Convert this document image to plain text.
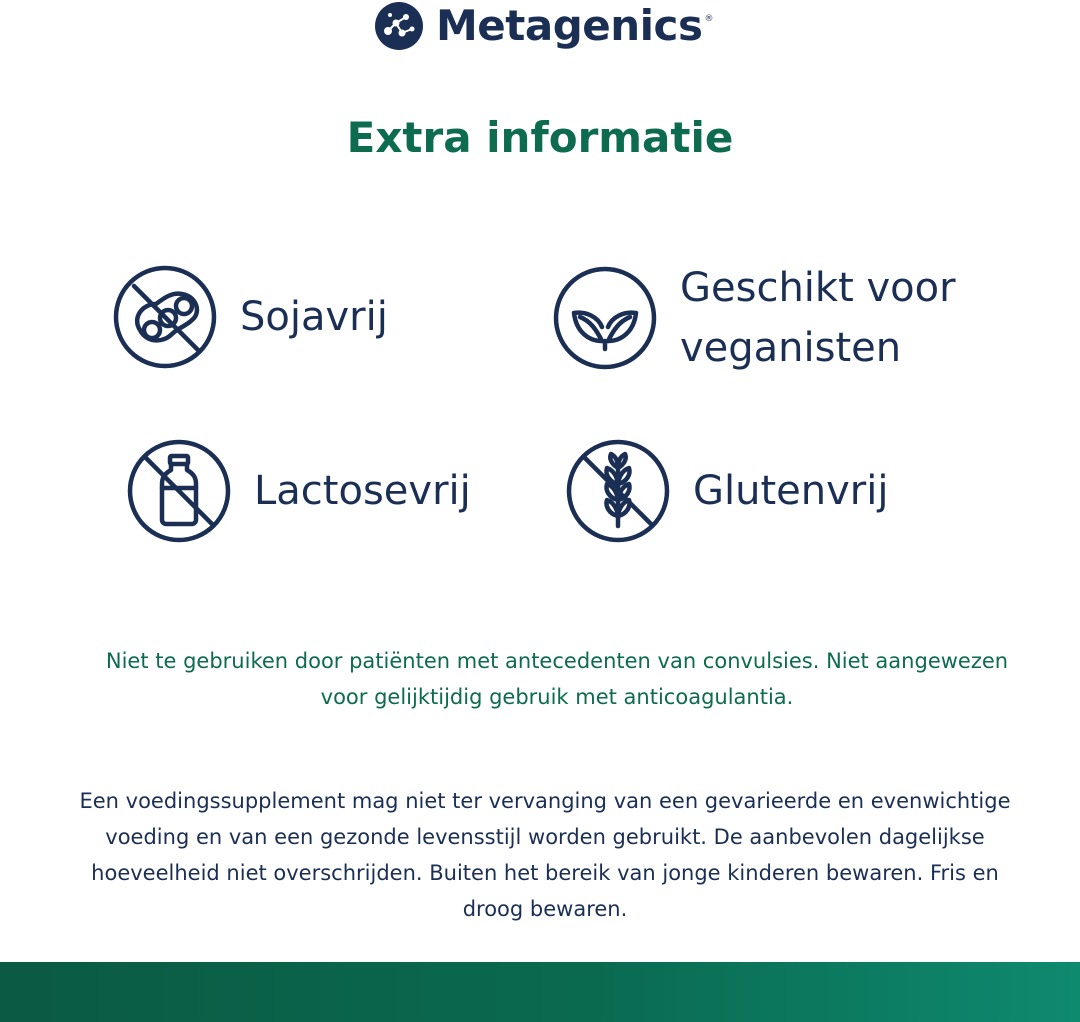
Metagenics ®
Extra informatie
Sojavrij
Geschikt voor veganisten
Lactosevrij	Glutenvrij

Niet te gebruiken door patiënten met antecedenten van convulsies. Niet aangewezen voor gelijktijdig gebruik met anticoagulantia.

Een voedingssupplement mag niet ter vervanging van een gevarieerde en evenwichtige voeding en van een gezonde levensstijl worden gebruikt. De aanbevolen dagelijkse hoeveelheid niet overschrijden. Buiten het bereik van jonge kinderen bewaren. Fris en droog bewaren.
